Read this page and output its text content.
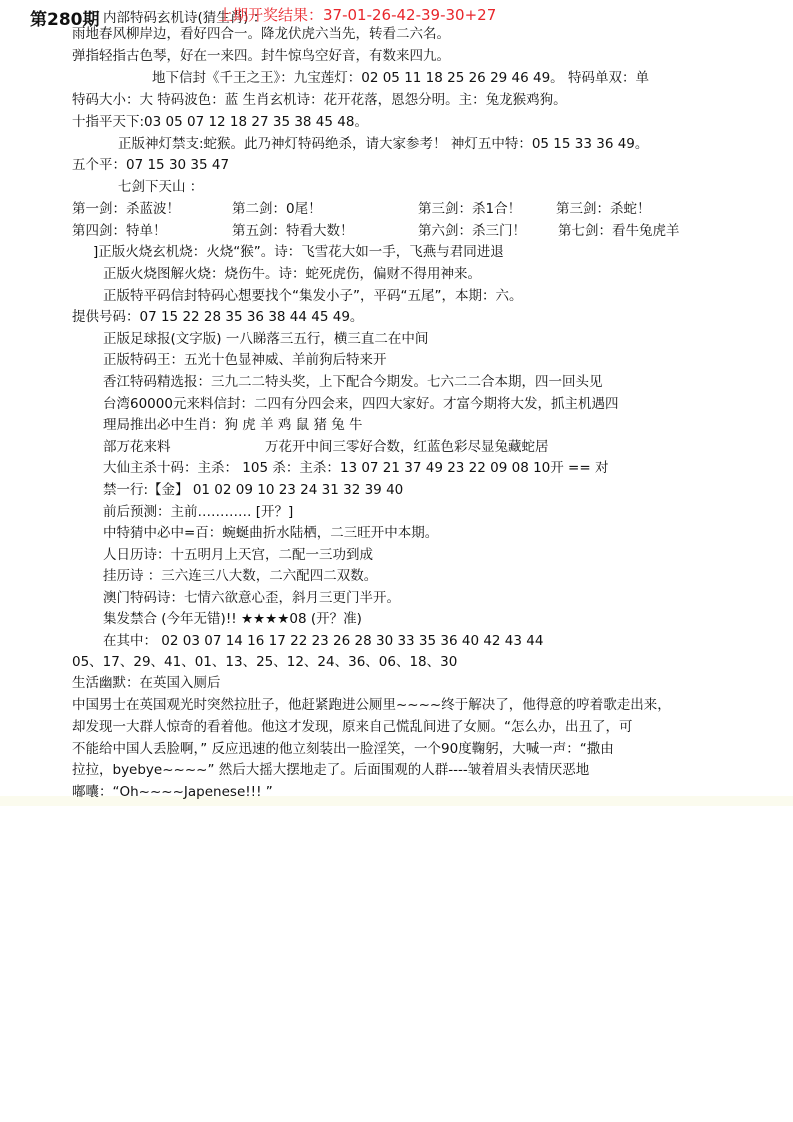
第280期 内部特码玄机诗(猜生肖) ：
上期开奖结果：37-01-26-42-39-30+27
雨地春风柳岸边，看好四合一。降龙伏虎六当先，转看二六名。
弹指轻指古色琴，好在一来四。封牛惊鸟空好音，有数来四九。
地下信封《千王之王》：九宝莲灯：02 05 11 18 25 26 29 46 49。 特码单双：单
特码大小：大 特码波色：蓝 生肖玄机诗：花开花落，恩怨分明。主：兔龙猴鸡狗。
十指平天下:03 05 07 12 18 27 35 38 45 48。
正版神灯禁支:蛇猴。此乃神灯特码绝杀，请大家参考！ 神灯五中特：05 15 33 36 49。
五个平：07 15 30 35 47
七剑下天山 ：
第一剑：杀蓝波！	第二剑：0尾！	第三剑：杀1合！	第三剑：杀蛇！
第四剑：特单！	第五剑：特看大数！	第六剑：杀三门！ 第七剑：看牛兔虎羊
]正版火烧玄机烧：火烧“猴”。诗：飞雪花大如一手，飞燕与君同进退
正版火烧图解火烧：烧伤牛。诗：蛇死虎伤，偏财不得用神来。
正版特平码信封特码心想要找个“集发小子”，平码“五尾”，本期：六。
提供号码：07 15 22 28 35 36 38 44 45 49。
正版足球报(文字版) 一八睇落三五行，横三直二在中间
正版特码王：五光十色显神威、羊前狗后特来开
香江特码精选报：三九二二特头奖，上下配合今期发。七六二二合本期，四一回头见
台湾60000元来料信封：二四有分四会来，四四大家好。才富今期将大发，抓主机遇四
理局推出必中生肖：狗 虎 羊 鸡 鼠 猪 兔 牛
部万花来料	万花开中间三零好合数，红蓝色彩尽显兔藏蛇居
大仙主杀十码：主杀： 105 杀：主杀：13 07 21 37 49 23 22 09 08 10开 == 对
禁一行:【金】 01 02 09 10 23 24 31 32 39 40
前后预测：主前………… [开？]
中特猜中必中=百：蜿蜒曲折水陆栖，二三旺开中本期。
人日历诗：十五明月上天宫，二配一三功到成
挂历诗 ：三六连三八大数，二六配四二双数。
澳门特码诗：七情六欲意心歪，斜月三更门半开。
集发禁合 (今年无错)!! ★★★★08 (开？准)
在其中： 02 03 07 14 16 17 22 23 26 28 30 33 35 36 40 42 43 44
05、17、29、41、01、13、25、12、24、36、06、18、30
生活幽默：在英国入厕后
中国男士在英国观光时突然拉肚子，他赶紧跑进公厕里~~~~终于解决了，他得意的哼着歌走出来，
却发现一大群人惊奇的看着他。他这才发现，原来自己慌乱间进了女厕。“怎么办，出丑了，可
不能给中国人丢脸啊，” 反应迅速的他立刻装出一脸淫笑，一个90度鞠躬，大喊一声：“撒由
拉拉，byebye~~~~” 然后大摇大摆地走了。后面围观的人群----皱着眉头表情厌恶地
嘟囔：“Oh~~~~Japenese!!! ”
